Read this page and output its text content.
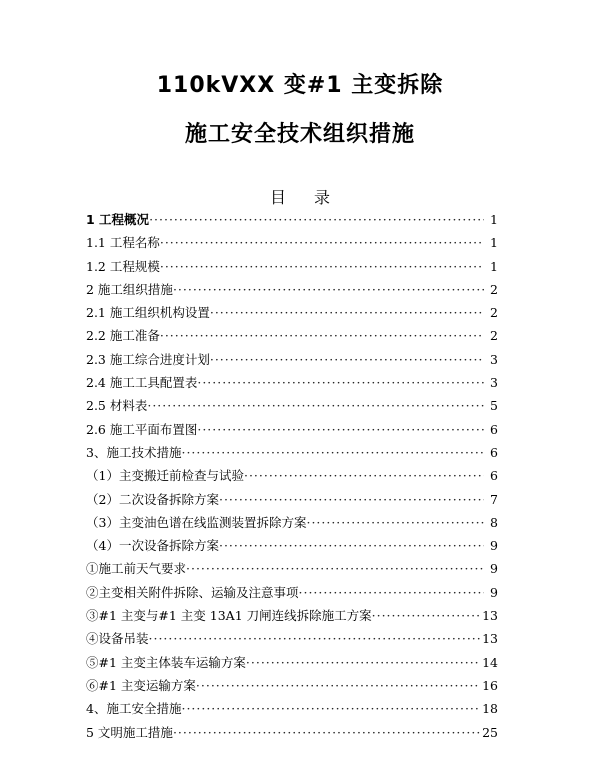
110kVXX 变#1 主变拆除
施工安全技术组织措施
目录
1 工程概况 ·····	1
1.1 工程名称 ·····	1
1.2 工程规模 ·····	1
2 施工组织措施 ·····	2
2.1 施工组织机构设置 ·····	2
2.2 施工准备 ·····	2
2.3 施工综合进度计划 ·····	3
2.4 施工工具配置表 ·····	3
2.5 材料表 ·····	5
2.6 施工平面布置图 ·····	6
3、施工技术措施 ·····	6
（1）主变搬迁前检查与试验 ·····	6
（2）二次设备拆除方案 ·····	7
（3）主变油色谱在线监测装置拆除方案 ·····	8
（4）一次设备拆除方案 ·····	9
①施工前天气要求 ·····	9
②主变相关附件拆除、运输及注意事项 ·····	9
③#1 主变与#1 主变 13A1 刀闸连线拆除施工方案 ·····	13
④设备吊装 ·····	13
⑤#1 主变主体装车运输方案 ·····	14
⑥#1 主变运输方案 ·····	16
4、施工安全措施 ·····	18
5 文明施工措施 ·····	25
